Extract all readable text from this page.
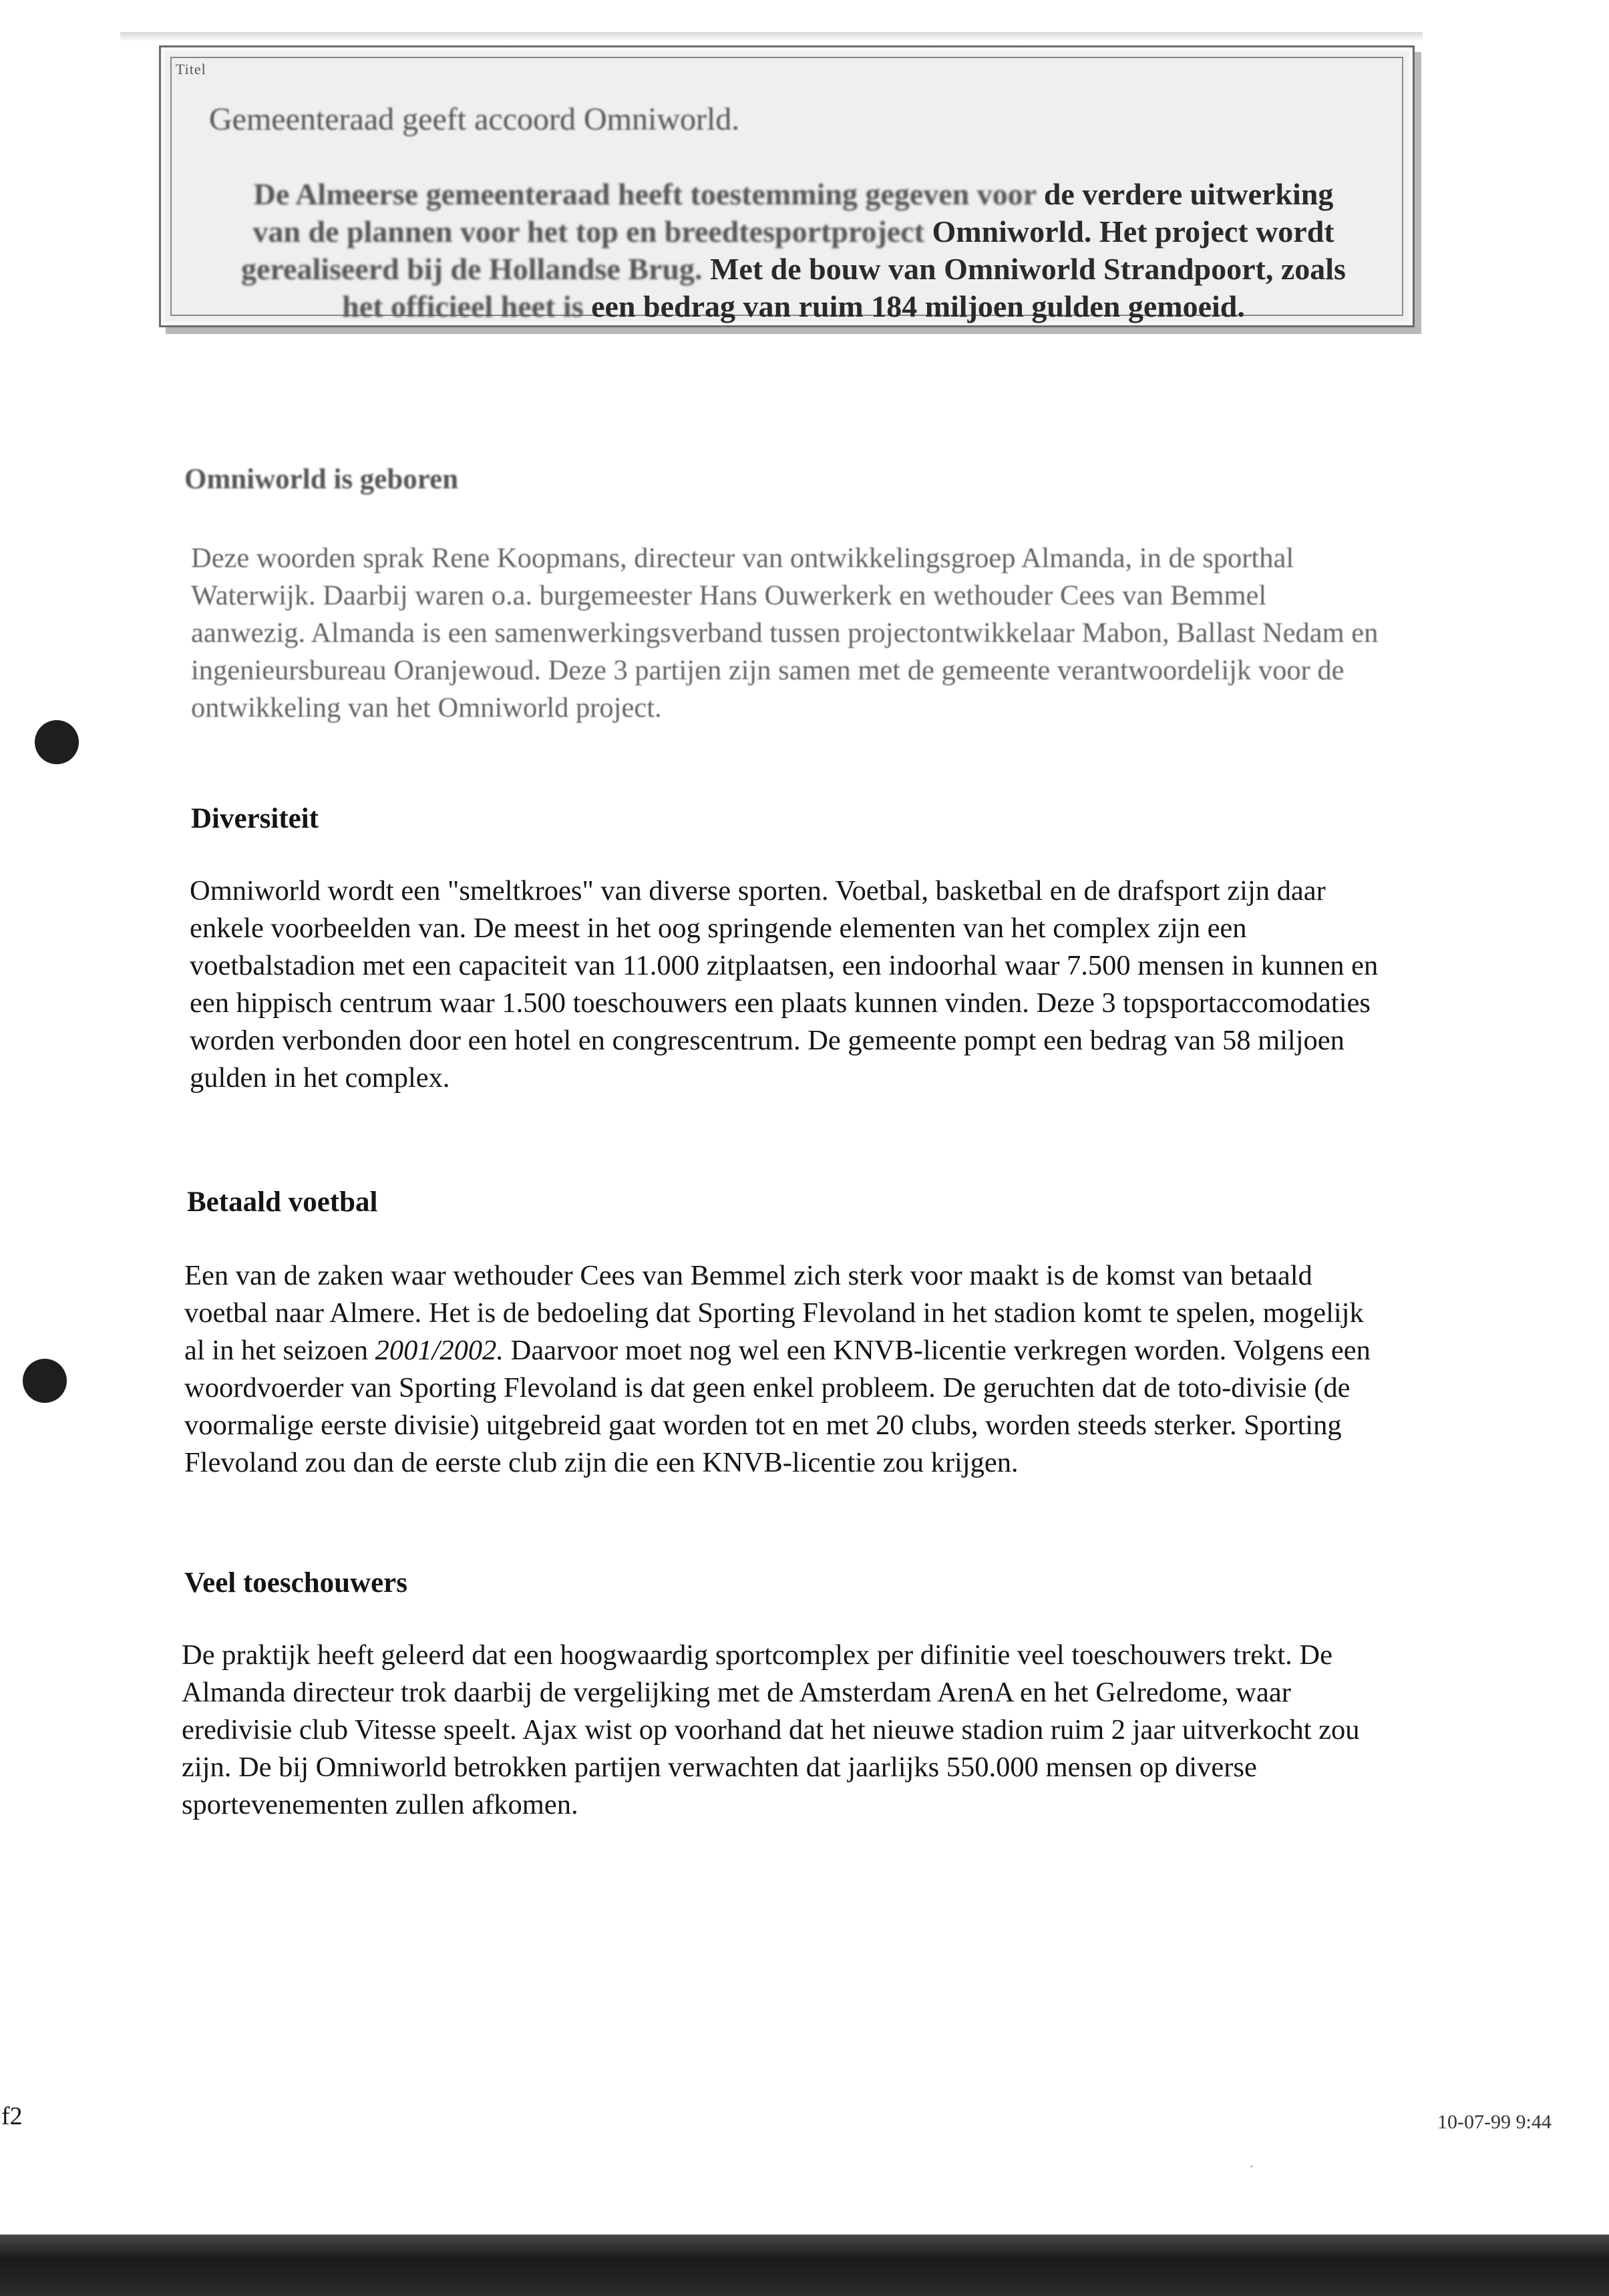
Titel
Gemeenteraad geeft accoord Omniworld.
De Almeerse gemeenteraad heeft toestemming gegeven voor de verdere uitwerking
van de plannen voor het top en breedtesportproject Omniworld. Het project wordt
gerealiseerd bij de Hollandse Brug. Met de bouw van Omniworld Strandpoort, zoals
het officieel heet is een bedrag van ruim 184 miljoen gulden gemoeid.
Omniworld is geboren

Deze woorden sprak Rene Koopmans, directeur van ontwikkelingsgroep Almanda, in de sporthal Waterwijk. Daarbij waren o.a. burgemeester Hans Ouwerkerk en wethouder Cees van Bemmel aanwezig. Almanda is een samenwerkingsverband tussen projectontwikkelaar Mabon, Ballast Nedam en ingenieursbureau Oranjewoud. Deze 3 partijen zijn samen met de gemeente verantwoordelijk voor de ontwikkeling van het Omniworld project.

Diversiteit

Omniworld wordt een "smeltkroes" van diverse sporten. Voetbal, basketbal en de drafsport zijn daar enkele voorbeelden van. De meest in het oog springende elementen van het complex zijn een voetbalstadion met een capaciteit van 11.000 zitplaatsen, een indoorhal waar 7.500 mensen in kunnen en een hippisch centrum waar 1.500 toeschouwers een plaats kunnen vinden. Deze 3 topsportaccomodaties worden verbonden door een hotel en congrescentrum. De gemeente pompt een bedrag van 58 miljoen gulden in het complex.

Betaald voetbal

Een van de zaken waar wethouder Cees van Bemmel zich sterk voor maakt is de komst van betaald voetbal naar Almere. Het is de bedoeling dat Sporting Flevoland in het stadion komt te spelen, mogelijk al in het seizoen 2001/2002. Daarvoor moet nog wel een KNVB-licentie verkregen worden. Volgens een woordvoerder van Sporting Flevoland is dat geen enkel probleem. De geruchten dat de toto-divisie (de voormalige eerste divisie) uitgebreid gaat worden tot en met 20 clubs, worden steeds sterker. Sporting Flevoland zou dan de eerste club zijn die een KNVB-licentie zou krijgen.

Veel toeschouwers

De praktijk heeft geleerd dat een hoogwaardig sportcomplex per difinitie veel toeschouwers trekt. De Almanda directeur trok daarbij de vergelijking met de Amsterdam ArenA en het Gelredome, waar eredivisie club Vitesse speelt. Ajax wist op voorhand dat het nieuwe stadion ruim 2 jaar uitverkocht zou zijn. De bij Omniworld betrokken partijen verwachten dat jaarlijks 550.000 mensen op diverse sportevenementen zullen afkomen.

f2	10-07-99 9:44
´
